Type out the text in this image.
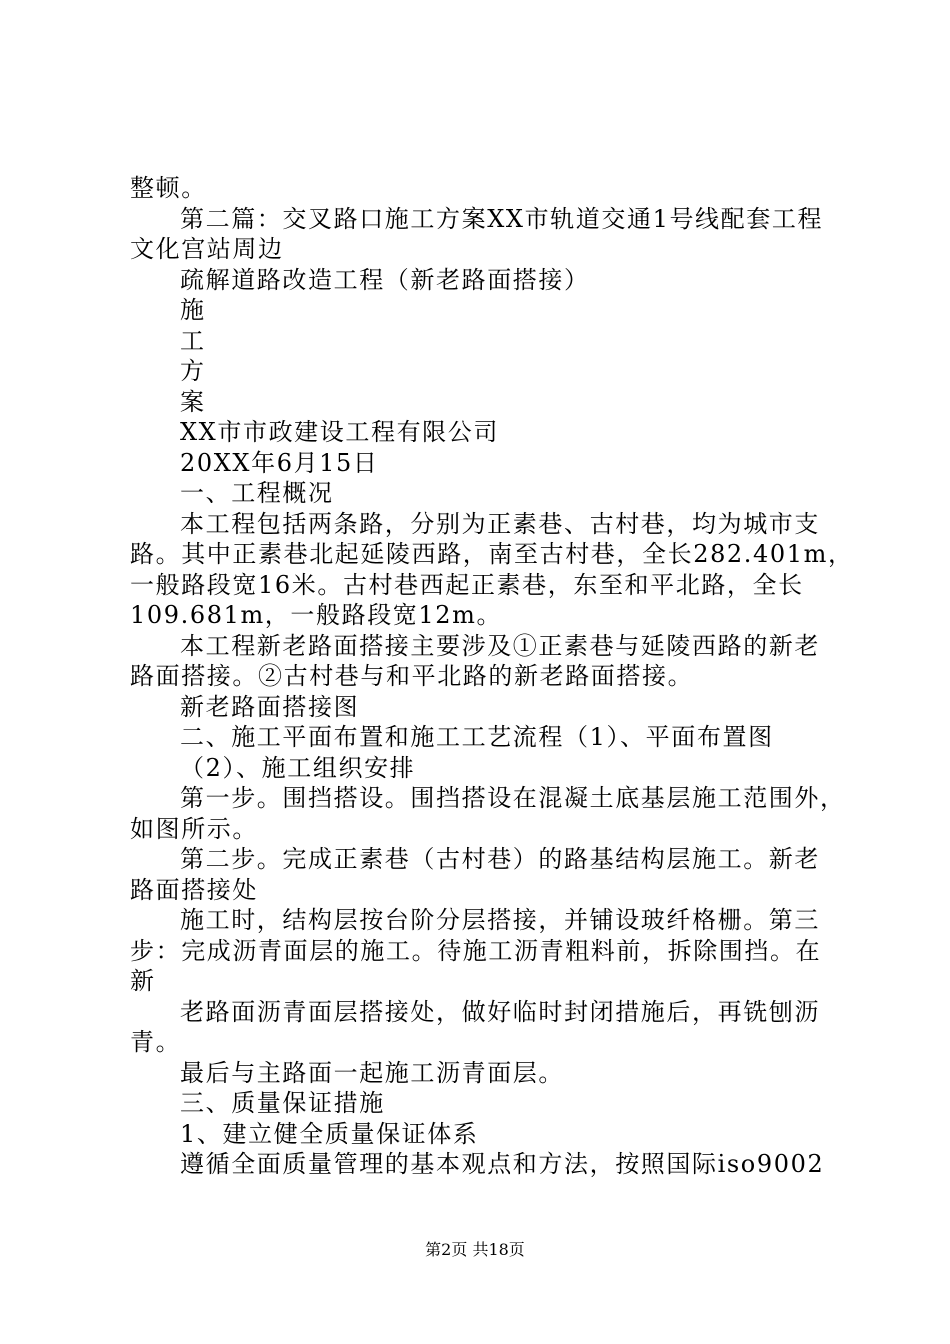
整顿。
第二篇：交叉路口施工方案XX市轨道交通1号线配套工程
文化宫站周边
疏解道路改造工程（新老路面搭接）
施
工
方
案
XX市市政建设工程有限公司
20XX年6月15日
一、工程概况
本工程包括两条路，分别为正素巷、古村巷，均为城市支
路。其中正素巷北起延陵西路，南至古村巷，全长282.401m，
一般路段宽16米。古村巷西起正素巷，东至和平北路，全长
109.681m，一般路段宽12m。
本工程新老路面搭接主要涉及①正素巷与延陵西路的新老
路面搭接。②古村巷与和平北路的新老路面搭接。
新老路面搭接图
二、施工平面布置和施工工艺流程（1）、平面布置图
（2）、施工组织安排
第一步。围挡搭设。围挡搭设在混凝土底基层施工范围外，
如图所示。
第二步。完成正素巷（古村巷）的路基结构层施工。新老
路面搭接处
施工时，结构层按台阶分层搭接，并铺设玻纤格栅。第三
步：完成沥青面层的施工。待施工沥青粗料前，拆除围挡。在
新
老路面沥青面层搭接处，做好临时封闭措施后，再铣刨沥
青。
最后与主路面一起施工沥青面层。
三、质量保证措施
1、建立健全质量保证体系
遵循全面质量管理的基本观点和方法，按照国际iso9002
第2页 共18页
